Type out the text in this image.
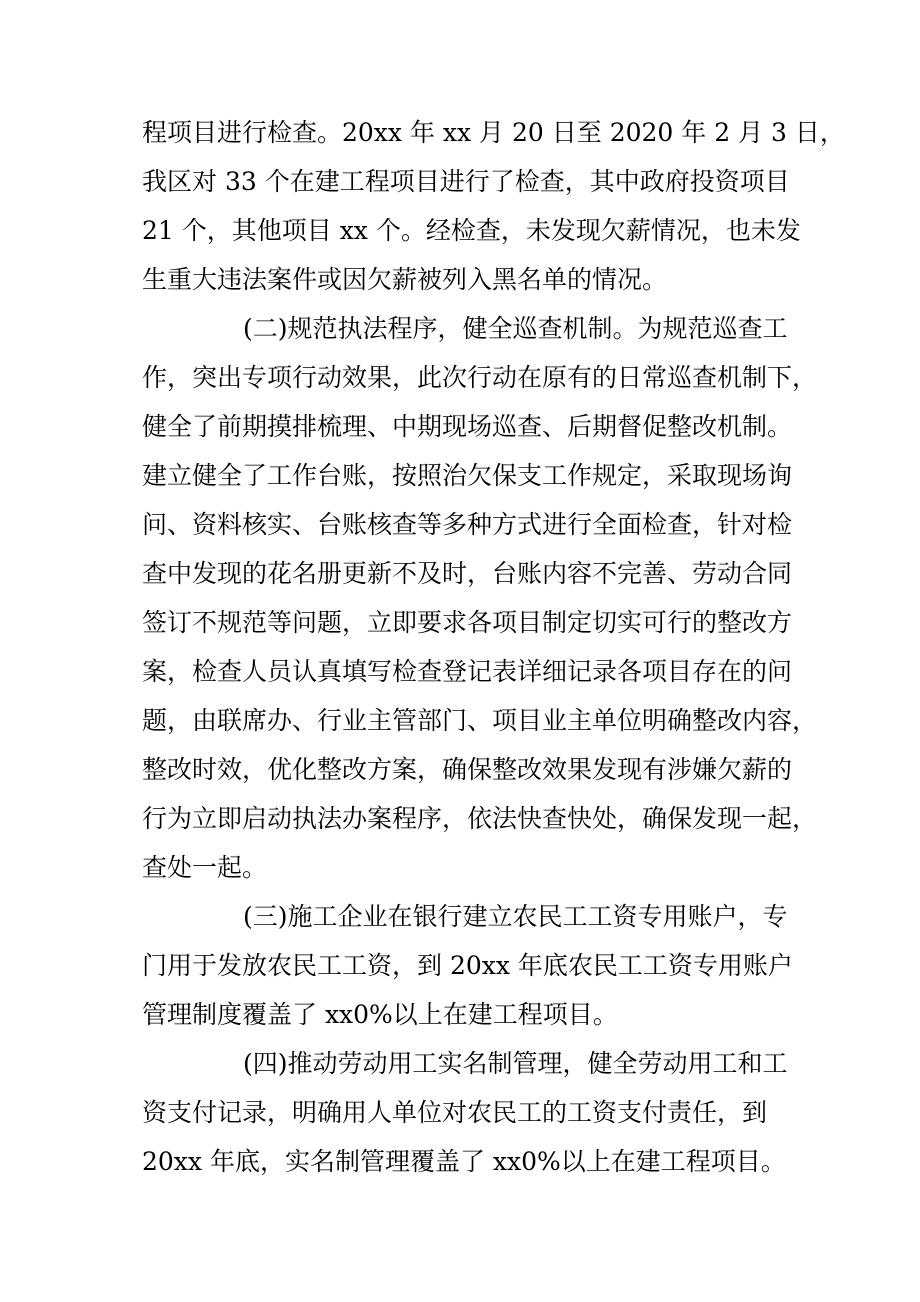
程项目进行检查。20xx 年 xx 月 20 日至 2020 年 2 月 3 日，
我区对 33 个在建工程项目进行了检查，其中政府投资项目
21 个，其他项目 xx 个。经检查，未发现欠薪情况，也未发
生重大违法案件或因欠薪被列入黑名单的情况。
(二)规范执法程序，健全巡查机制。为规范巡查工
作，突出专项行动效果，此次行动在原有的日常巡查机制下，
健全了前期摸排梳理、中期现场巡查、后期督促整改机制。
建立健全了工作台账，按照治欠保支工作规定，采取现场询
问、资料核实、台账核查等多种方式进行全面检查，针对检
查中发现的花名册更新不及时，台账内容不完善、劳动合同
签订不规范等问题，立即要求各项目制定切实可行的整改方
案，检查人员认真填写检查登记表详细记录各项目存在的问
题，由联席办、行业主管部门、项目业主单位明确整改内容，
整改时效，优化整改方案，确保整改效果发现有涉嫌欠薪的
行为立即启动执法办案程序，依法快查快处，确保发现一起，
查处一起。
(三)施工企业在银行建立农民工工资专用账户，专
门用于发放农民工工资，到 20xx 年底农民工工资专用账户
管理制度覆盖了 xx0%以上在建工程项目。
(四)推动劳动用工实名制管理，健全劳动用工和工
资支付记录，明确用人单位对农民工的工资支付责任，到
20xx 年底，实名制管理覆盖了 xx0%以上在建工程项目。
